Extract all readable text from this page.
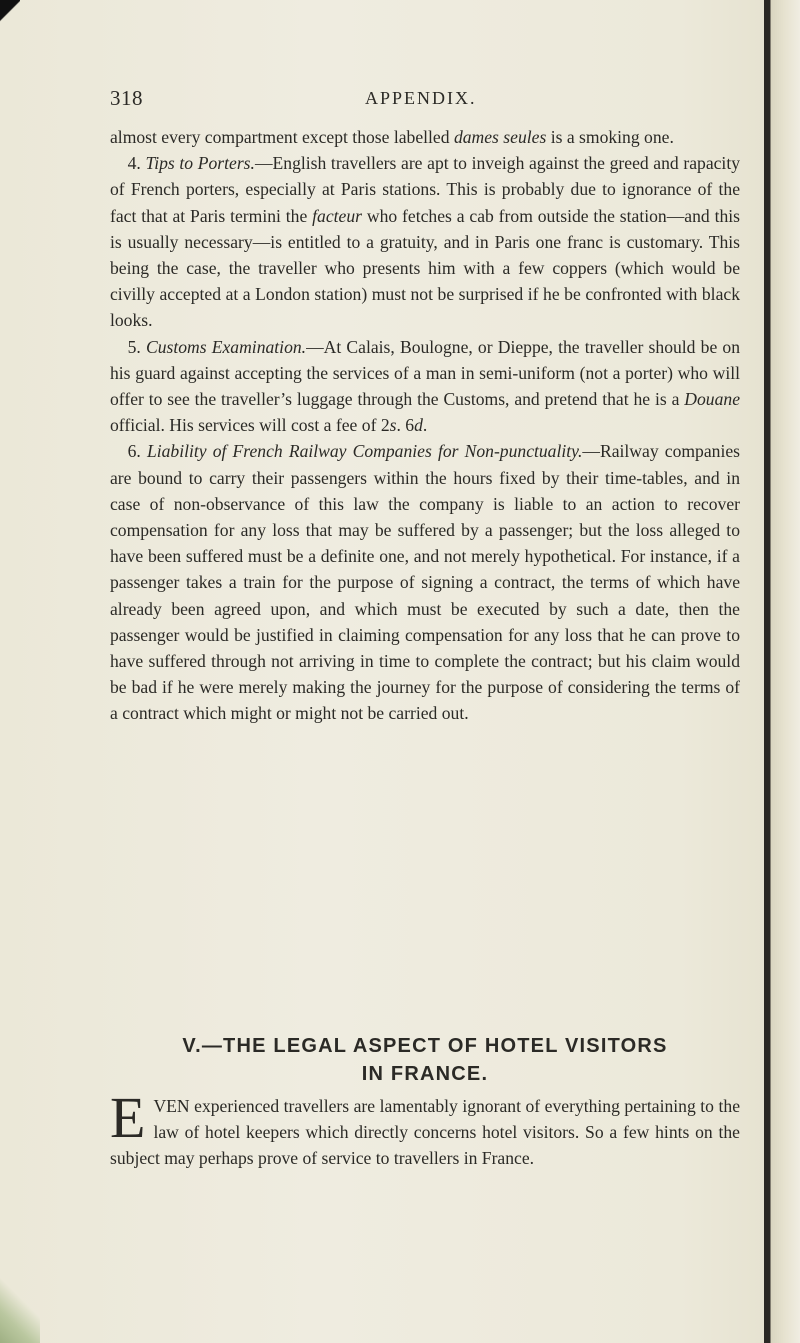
318	APPENDIX.

almost every compartment except those labelled dames seules is a smoking one.

 4. Tips to Porters.—English travellers are apt to inveigh against the greed and rapacity of French porters, especially at Paris stations. This is probably due to ignorance of the fact that at Paris termini the facteur who fetches a cab from outside the station—and this is usually necessary—is entitled to a gratuity, and in Paris one franc is customary. This being the case, the traveller who presents him with a few coppers (which would be civilly accepted at a London station) must not be surprised if he be confronted with black looks.

 5. Customs Examination.—At Calais, Boulogne, or Dieppe, the traveller should be on his guard against accepting the services of a man in semi-uniform (not a porter) who will offer to see the traveller’s luggage through the Customs, and pretend that he is a Douane official. His services will cost a fee of 2s. 6d.

 6. Liability of French Railway Companies for Non-punctuality.—Railway companies are bound to carry their passengers within the hours fixed by their time-tables, and in case of non-observance of this law the company is liable to an action to recover compensation for any loss that may be suffered by a passenger; but the loss alleged to have been suffered must be a definite one, and not merely hypothetical. For instance, if a passenger takes a train for the purpose of signing a contract, the terms of which have already been agreed upon, and which must be executed by such a date, then the passenger would be justified in claiming compensation for any loss that he can prove to have suffered through not arriving in time to complete the contract; but his claim would be bad if he were merely making the journey for the purpose of considering the terms of a contract which might or might not be carried out.

V.—THE LEGAL ASPECT OF HOTEL VISITORS
IN FRANCE.

EVEN experienced travellers are lamentably ignorant of everything pertaining to the law of hotel keepers which directly concerns hotel visitors. So a few hints on the subject may perhaps prove of service to travellers in France.
